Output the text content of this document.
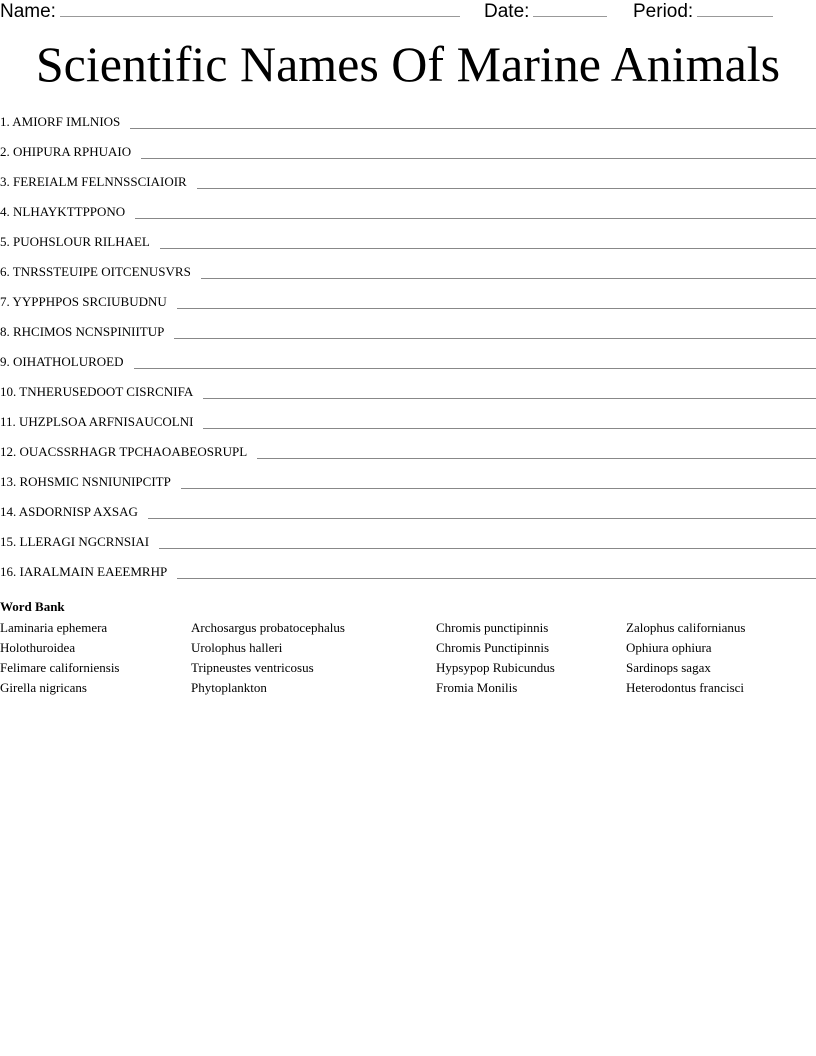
Name:	Date:	Period:
Scientific Names Of Marine Animals
1. AMIORF IMLNIOS
2. OHIPURA RPHUAIO
3. FEREIALM FELNNSSCIAIOIR
4. NLHAYKTTPPONO
5. PUOHSLOUR RILHAEL
6. TNRSSTEUIPE OITCENUSVRS
7. YYPPHPOS SRCIUBUDNU
8. RHCIMOS NCNSPINIITUP
9. OIHATHOLUROED
10. TNHERUSEDOOT CISRCNIFA
11. UHZPLSOA ARFNISAUCOLNI
12. OUACSSRHAGR TPCHAOABEOSRUPL
13. ROHSMIC NSNIUNIPCITP
14. ASDORNISP AXSAG
15. LLERAGI NGCRNSIAI
16. IARALMAIN EAEEMRHP
Word Bank
Laminaria ephemera
Holothuroidea
Felimare californiensis
Girella nigricans
Archosargus probatocephalus
Urolophus halleri
Tripneustes ventricosus
Phytoplankton
Chromis punctipinnis
Chromis Punctipinnis
Hypsypop Rubicundus
Fromia Monilis
Zalophus californianus
Ophiura ophiura
Sardinops sagax
Heterodontus francisci
